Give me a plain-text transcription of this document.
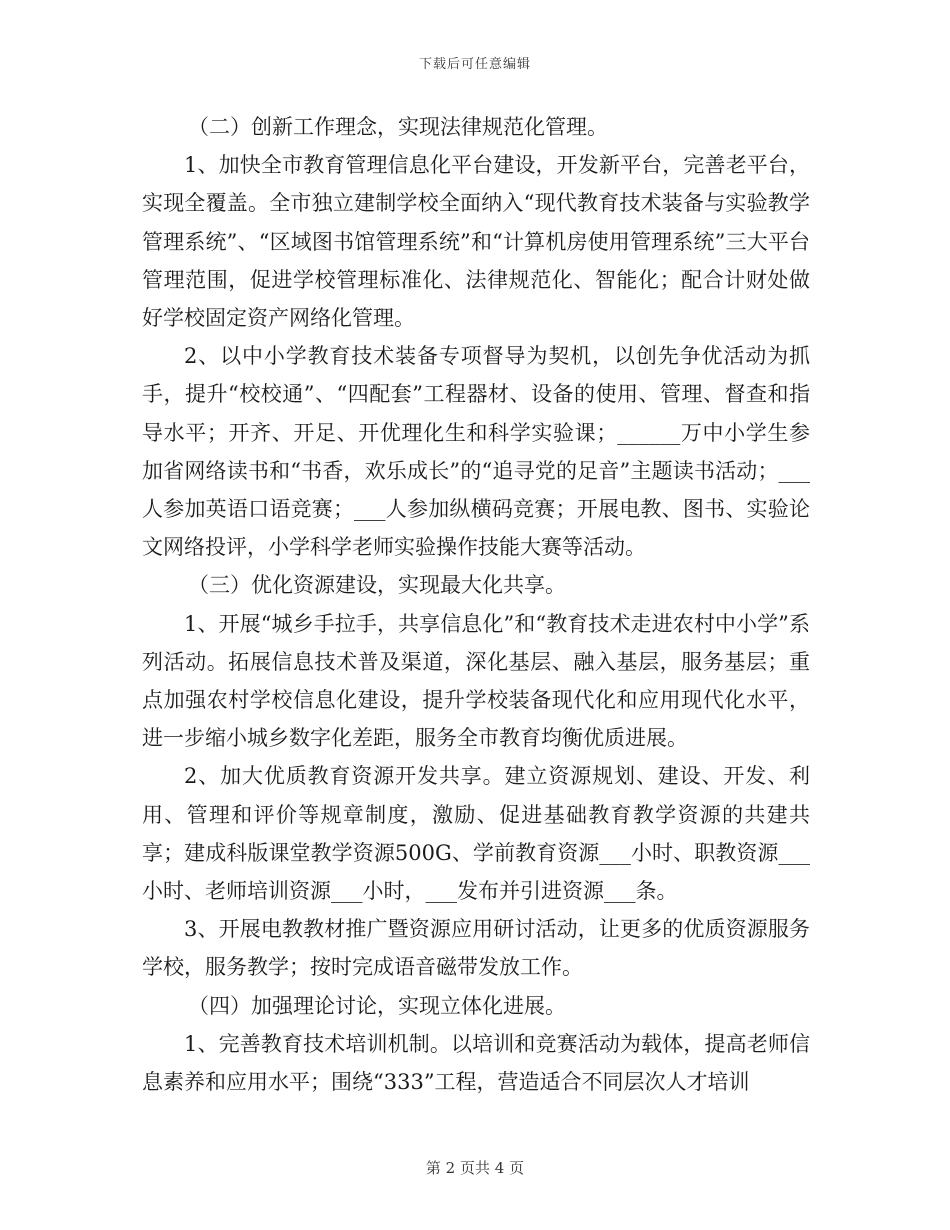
下载后可任意编辑

（二）创新工作理念，实现法律规范化管理。

1、加快全市教育管理信息化平台建设，开发新平台，完善老平台，实现全覆盖。全市独立建制学校全面纳入“现代教育技术装备与实验教学管理系统”、“区域图书馆管理系统”和“计算机房使用管理系统”三大平台管理范围，促进学校管理标准化、法律规范化、智能化；配合计财处做好学校固定资产网络化管理。

2、以中小学教育技术装备专项督导为契机，以创先争优活动为抓手，提升“校校通”、“四配套”工程器材、设备的使用、管理、督查和指导水平；开齐、开足、开优理化生和科学实验课；______万中小学生参加省网络读书和“书香，欢乐成长”的“追寻党的足音”主题读书活动；___人参加英语口语竞赛；___人参加纵横码竞赛；开展电教、图书、实验论文网络投评，小学科学老师实验操作技能大赛等活动。

（三）优化资源建设，实现最大化共享。

1、开展“城乡手拉手，共享信息化”和“教育技术走进农村中小学”系列活动。拓展信息技术普及渠道，深化基层、融入基层，服务基层；重点加强农村学校信息化建设，提升学校装备现代化和应用现代化水平，进一步缩小城乡数字化差距，服务全市教育均衡优质进展。

2、加大优质教育资源开发共享。建立资源规划、建设、开发、利用、管理和评价等规章制度，激励、促进基础教育教学资源的共建共享；建成科版课堂教学资源500G、学前教育资源___小时、职教资源___小时、老师培训资源___小时，___发布并引进资源___条。

3、开展电教教材推广暨资源应用研讨活动，让更多的优质资源服务学校，服务教学；按时完成语音磁带发放工作。

（四）加强理论讨论，实现立体化进展。

1、完善教育技术培训机制。以培训和竞赛活动为载体，提高老师信息素养和应用水平；围绕“333”工程，营造适合不同层次人才培训

第 2 页共 4 页
